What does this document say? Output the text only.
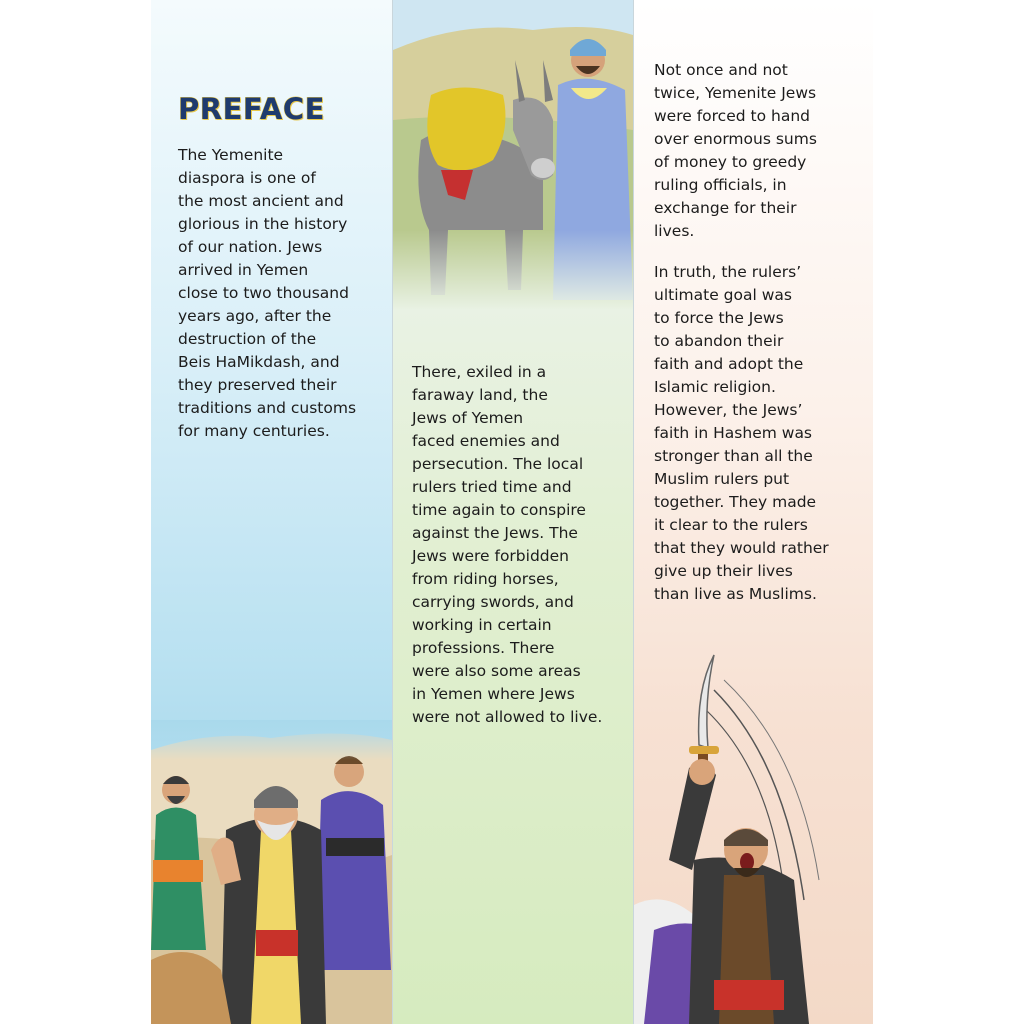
PREFACE

The Yemenite
diaspora is one of
the most ancient and
glorious in the history
of our nation. Jews
arrived in Yemen
close to two thousand
years ago, after the
destruction of the
Beis HaMikdash, and
they preserved their
traditions and customs
for many centuries.

There, exiled in a
faraway land, the
Jews of Yemen
faced enemies and
persecution. The local
rulers tried time and
time again to conspire
against the Jews. The
Jews were forbidden
from riding horses,
carrying swords, and
working in certain
professions. There
were also some areas
in Yemen where Jews
were not allowed to live.

Not once and not
twice, Yemenite Jews
were forced to hand
over enormous sums
of money to greedy
ruling officials, in
exchange for their
lives.

In truth, the rulers’
ultimate goal was
to force the Jews
to abandon their
faith and adopt the
Islamic religion.
However, the Jews’
faith in Hashem was
stronger than all the
Muslim rulers put
together. They made
it clear to the rulers
that they would rather
give up their lives
than live as Muslims.
